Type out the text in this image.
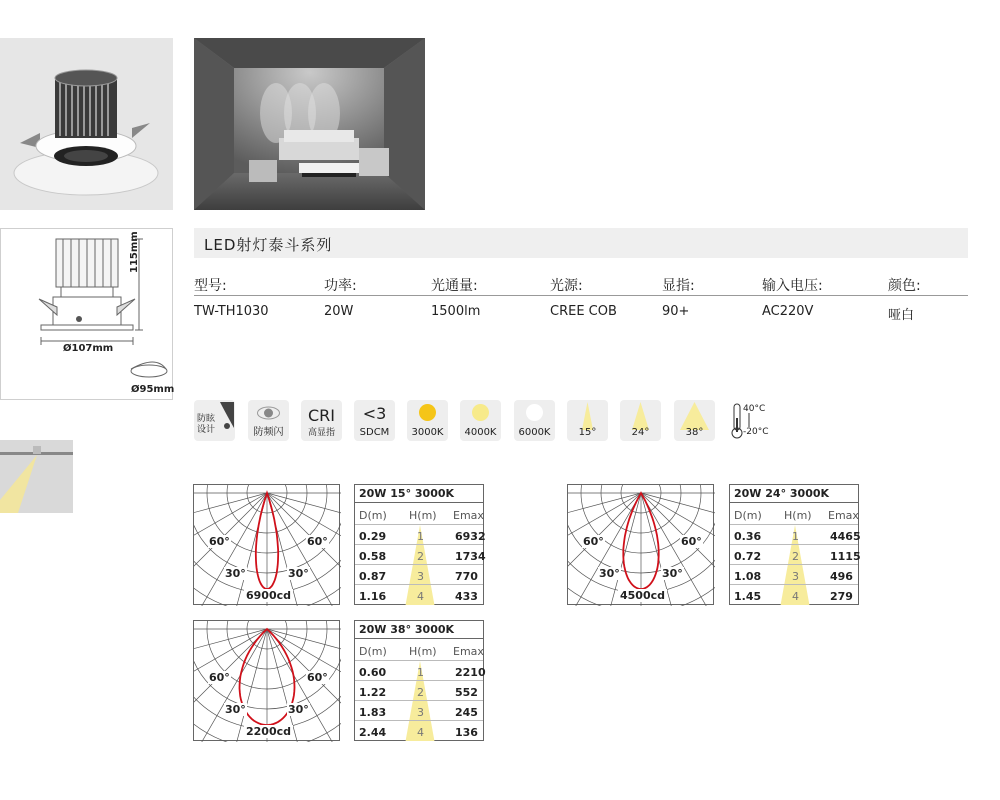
115mm
Ø107mm
Ø95mm
LED射灯泰斗系列
型号:	功率:	光通量:	光源:	显指:	输入电压:	颜色:
TW-TH1030	20W	1500lm	CREE COB	90+	AC220V	哑白
防眩
设计	防频闪
CRI
高显指
<3
SDCM	3000K	4000K	6000K	15°	24°	38°
40°C
-20°C
60°	60°
30°	30°
6900cd
20W 15° 3000K
D(m) H(m) Emax
0.29	1	6932
0.58	2	1734
0.87	3	770
1.16	4	433
60°	60°
30°	30°
4500cd
20W 24° 3000K
D(m) H(m) Emax
0.36	1	4465
0.72	2	1115
1.08	3	496
1.45	4	279
60°	60°
30°	30°
2200cd
20W 38° 3000K
D(m) H(m) Emax
0.60	1	2210
1.22	2	552
1.83	3	245
2.44	4	136
